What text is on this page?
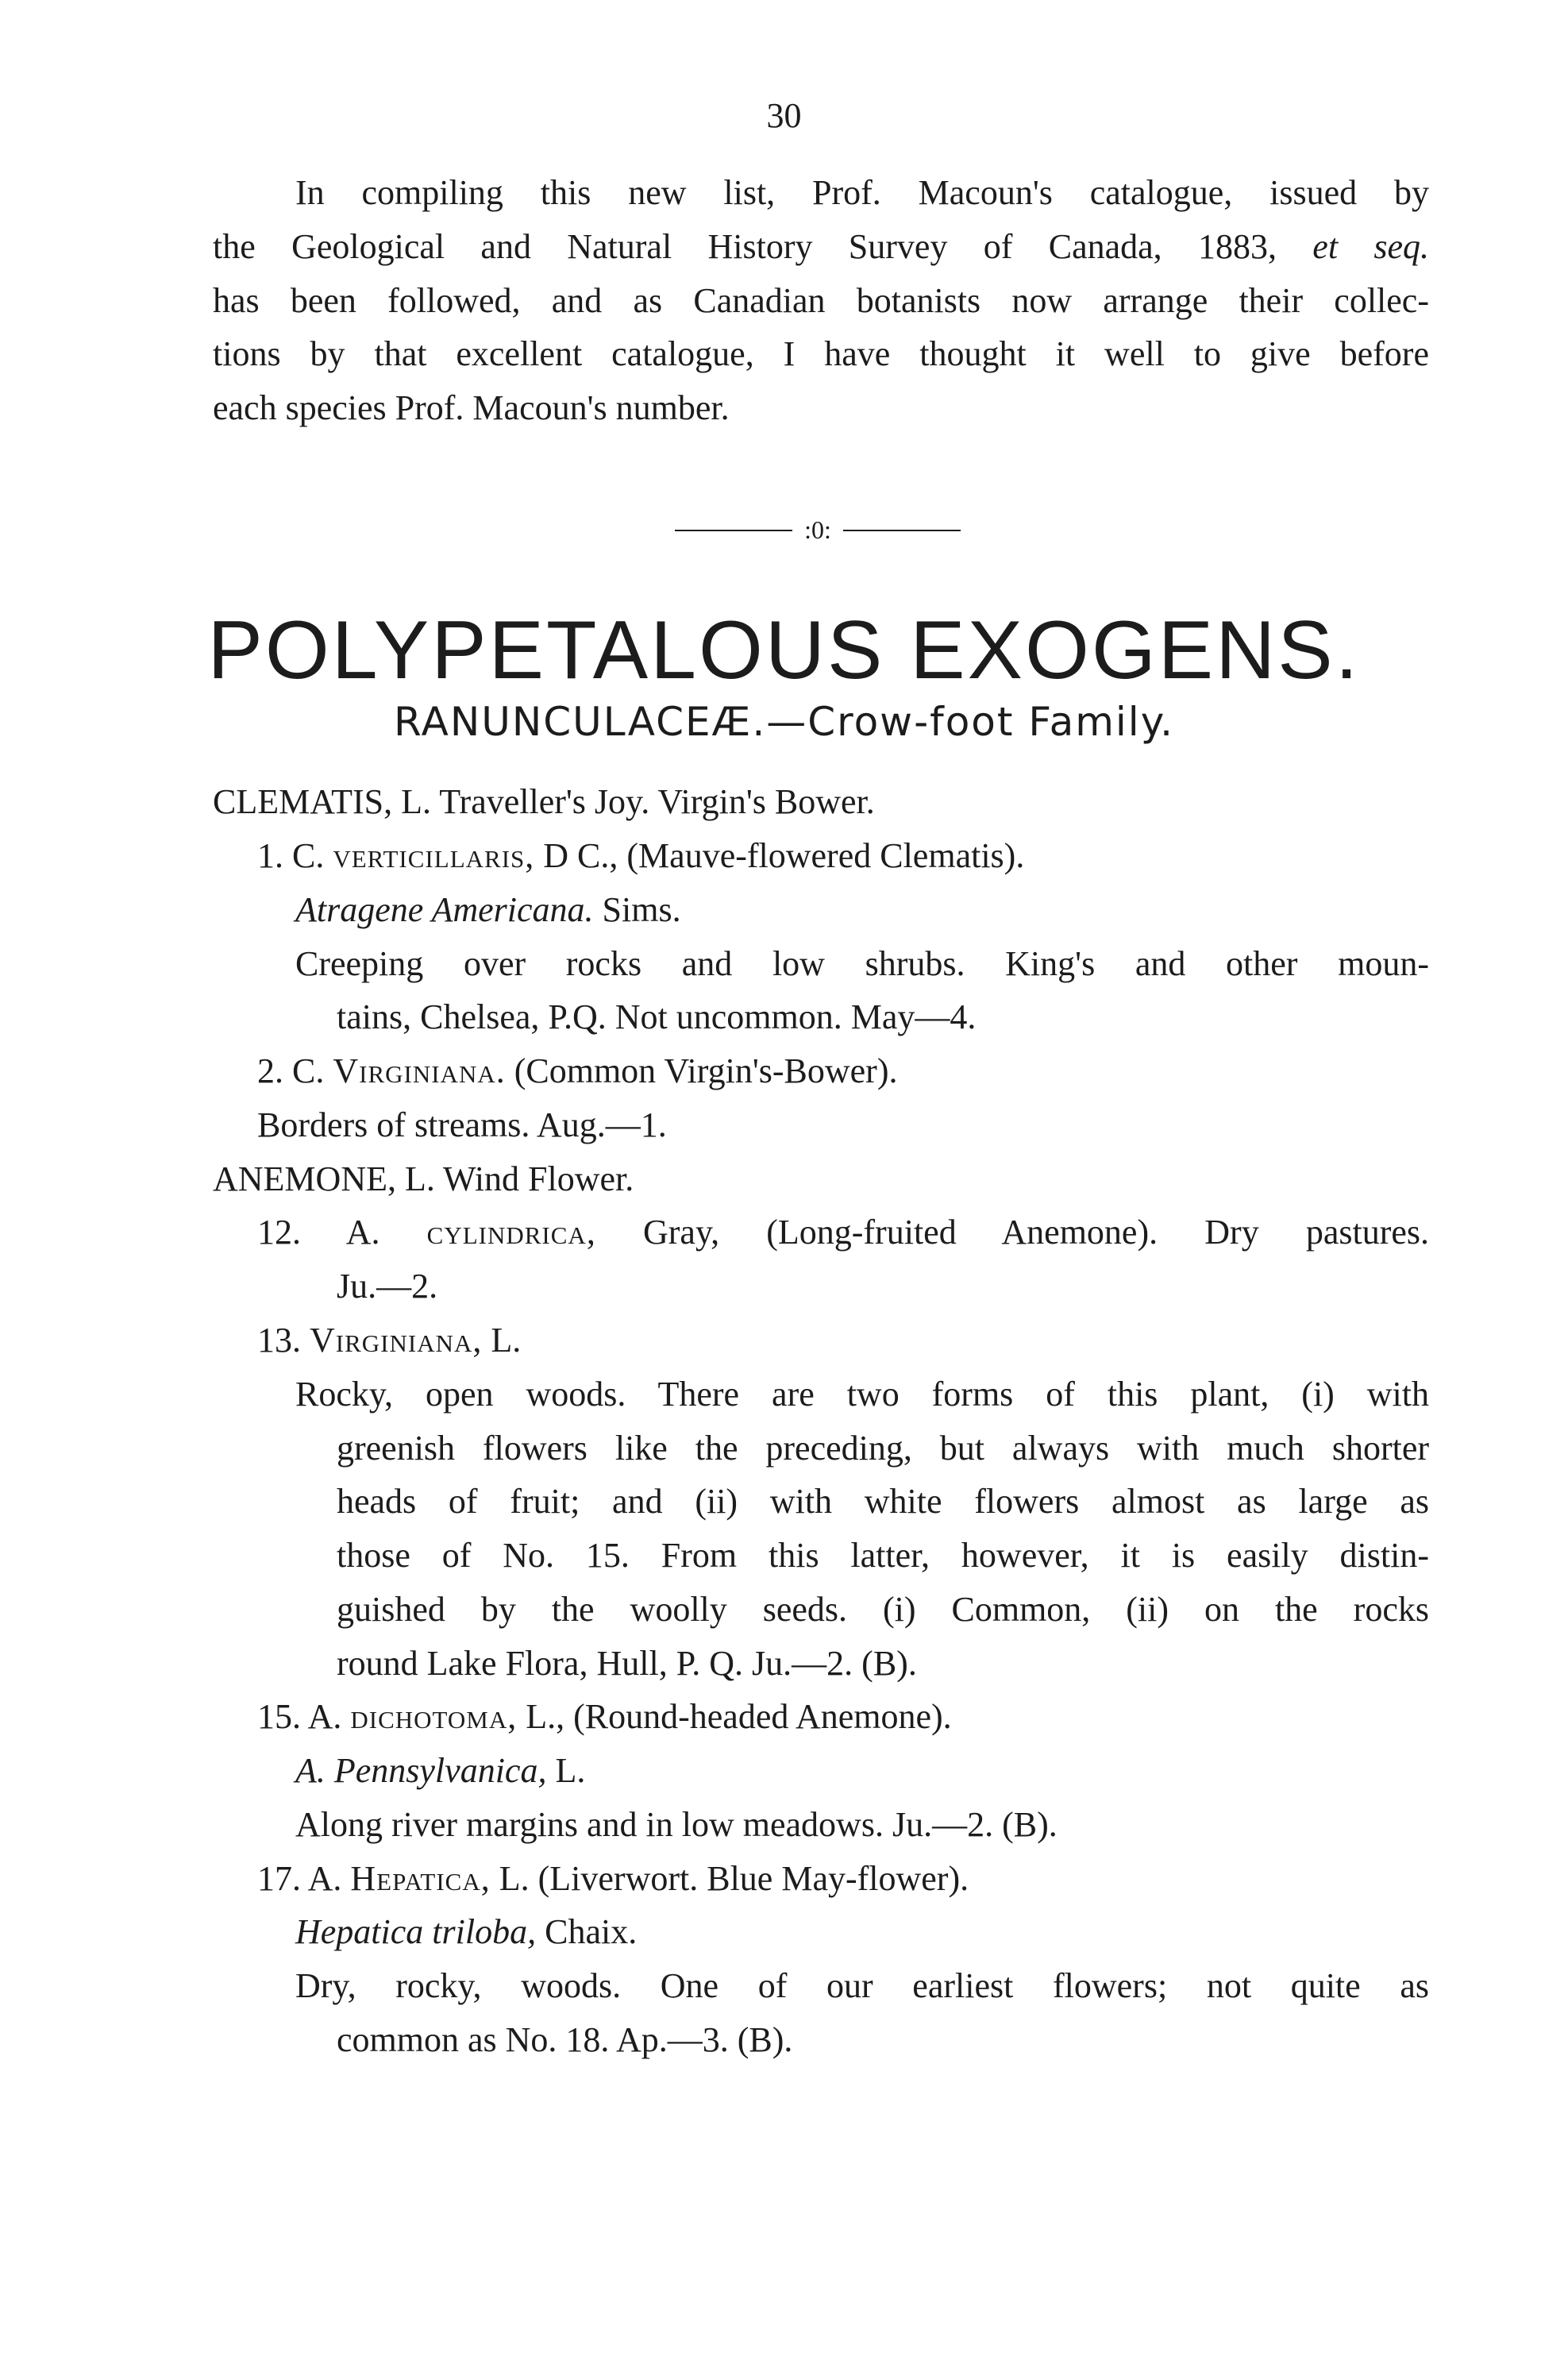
30
In compiling this new list, Prof. Macoun's catalogue, issued by
the Geological and Natural History Survey of Canada, 1883, et seq.
has been followed, and as Canadian botanists now arrange their collec-
tions by that excellent catalogue, I have thought it well to give before
each species Prof. Macoun's number.
:0:
POLYPETALOUS EXOGENS.
RANUNCULACEÆ.—Crow-foot Family.
CLEMATIS, L. Traveller's Joy. Virgin's Bower.
1. C. verticillaris, D C., (Mauve-flowered Clematis).
Atragene Americana. Sims.
Creeping over rocks and low shrubs. King's and other moun-
tains, Chelsea, P.Q. Not uncommon. May—4.
2. C. Virginiana. (Common Virgin's-Bower).
Borders of streams. Aug.—1.
ANEMONE, L. Wind Flower.
12. A. cylindrica, Gray, (Long-fruited Anemone). Dry pastures.
Ju.—2.
13. Virginiana, L.
Rocky, open woods. There are two forms of this plant, (i) with
greenish flowers like the preceding, but always with much shorter
heads of fruit; and (ii) with white flowers almost as large as
those of No. 15. From this latter, however, it is easily distin-
guished by the woolly seeds. (i) Common, (ii) on the rocks
round Lake Flora, Hull, P. Q. Ju.—2. (B).
15. A. dichotoma, L., (Round-headed Anemone).
A. Pennsylvanica, L.
Along river margins and in low meadows. Ju.—2. (B).
17. A. Hepatica, L. (Liverwort. Blue May-flower).
Hepatica triloba, Chaix.
Dry, rocky, woods. One of our earliest flowers; not quite as
common as No. 18. Ap.—3. (B).
